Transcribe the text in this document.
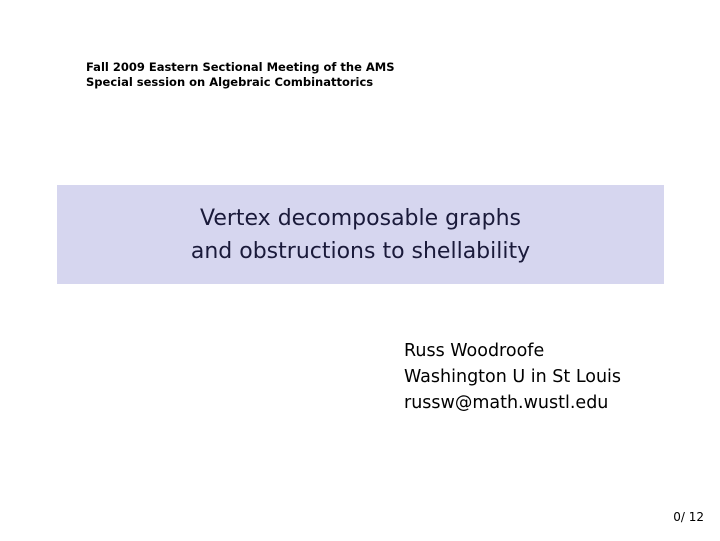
Fall 2009 Eastern Sectional Meeting of the AMS
Special session on Algebraic Combinattorics
Vertex decomposable graphs
and obstructions to shellability
Russ Woodroofe
Washington U in St Louis
russw@math.wustl.edu
0/ 12
